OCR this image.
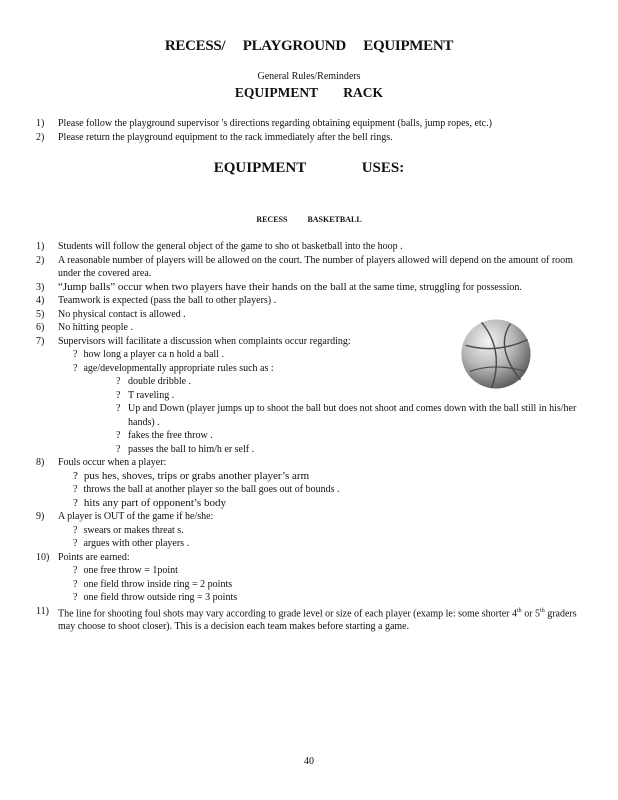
RECESS/ PLAYGROUND EQUIPMENT
General Rules/Reminders
EQUIPMENT RACK
1) Please follow the playground supervisor 's directions regarding obtaining equipment (balls, jump ropes, etc.)
2) Please return the playground equipment to the rack immediately after the bell rings.
EQUIPMENT USES:
RECESS BASKETBALL
1) Students will follow the general object of the game to sho ot basketball into the hoop .
2) A reasonable number of players will be allowed on the court. The number of players allowed will depend on the amount of room under the covered area.
3) “Jump balls” occur when two players have their hands on the ball at the same time, struggling for possession.
4) Teamwork is expected (pass the ball to other players) .
5) No physical contact is allowed .
6) No hitting people .
7) Supervisors will facilitate a discussion when complaints occur regarding:
? how long a player ca n hold a ball .
? age/developmentally appropriate rules such as :
? double dribble .
? T raveling .
? Up and Down (player jumps up to shoot the ball but does not shoot and comes down with the ball still in his/her hands) .
? fakes the free throw .
? passes the ball to him/h er self .
8) Fouls occur when a player:
? pus hes, shoves, trips or grabs another player’s arm
? throws the ball at another player so the ball goes out of bounds .
? hits any part of opponent’s body
9) A player is OUT of the game if he/she:
? swears or makes threat s.
? argues with other players .
10) Points are earned:
? one free throw = 1point
? one field throw inside ring = 2 points
? one field throw outside ring = 3 points
11) The line for shooting foul shots may vary according to grade level or size of each player (examp le: some shorter 4th or 5th graders may choose to shoot closer). This is a decision each team makes before starting a game.
40
